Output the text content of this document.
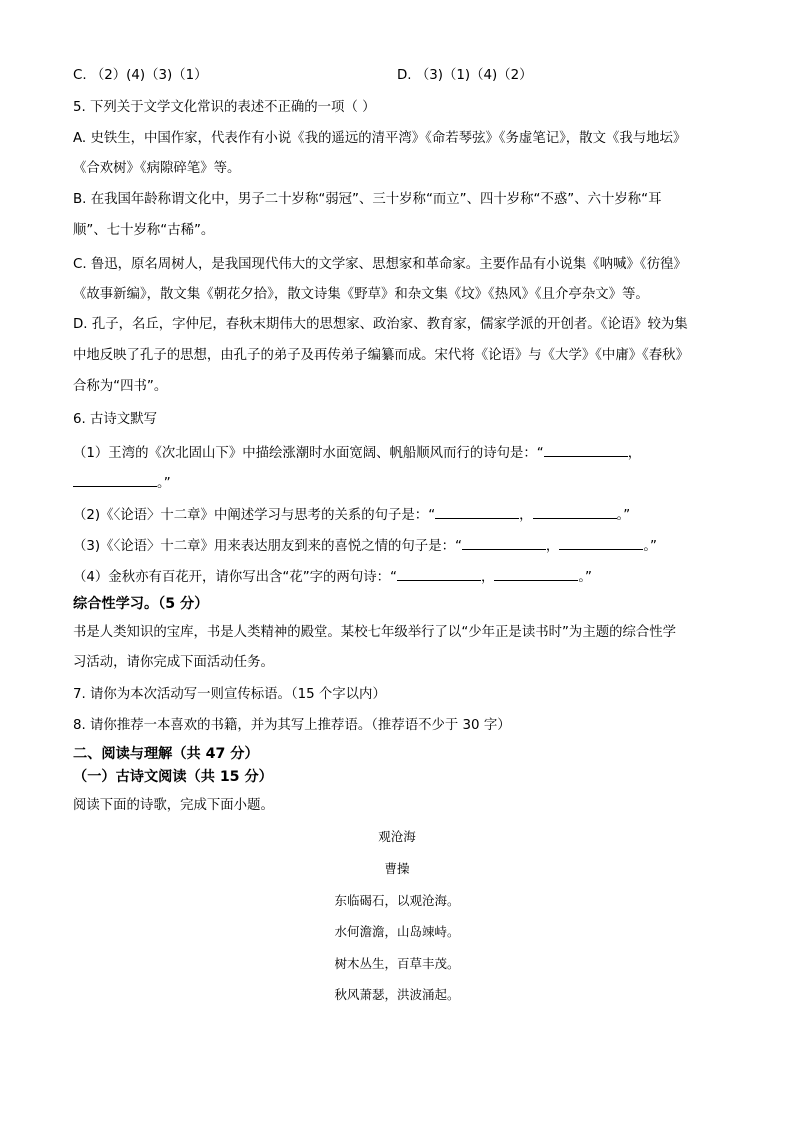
C. （2）(4)（3)（1）	D. （3)（1)（4)（2）
5. 下列关于文学文化常识的表述不正确的一项（ ）
A. 史铁生，中国作家，代表作有小说《我的遥远的清平湾》《命若琴弦》《务虚笔记》，散文《我与地坛》
《合欢树》《病隙碎笔》等。
B. 在我国年龄称谓文化中，男子二十岁称“弱冠”、三十岁称“而立”、四十岁称“不惑”、六十岁称“耳
顺”、七十岁称“古稀”。
C. 鲁迅，原名周树人，是我国现代伟大的文学家、思想家和革命家。主要作品有小说集《呐喊》《彷徨》
《故事新编》，散文集《朝花夕拾》，散文诗集《野草》和杂文集《坟》《热风》《且介亭杂文》等。
D. 孔子，名丘，字仲尼，春秋末期伟大的思想家、政治家、教育家，儒家学派的开创者。《论语》较为集
中地反映了孔子的思想，由孔子的弟子及再传弟子编纂而成。宋代将《论语》与《大学》《中庸》《春秋》
合称为“四书”。
6. 古诗文默写
（1）王湾的《次北固山下》中描绘涨潮时水面宽阔、帆船顺风而行的诗句是：“	，
。”
（2)《〈论语〉十二章》中阐述学习与思考的关系的句子是：“	，	。”
（3)《〈论语〉十二章》用来表达朋友到来的喜悦之情的句子是：“	，	。”
（4）金秋亦有百花开，请你写出含“花”字的两句诗：“	，	。”
综合性学习。（5 分）
书是人类知识的宝库，书是人类精神的殿堂。某校七年级举行了以“少年正是读书时”为主题的综合性学
习活动，请你完成下面活动任务。
7. 请你为本次活动写一则宣传标语。（15 个字以内）
8. 请你推荐一本喜欢的书籍，并为其写上推荐语。（推荐语不少于 30 字）
二、阅读与理解（共 47 分）
（一）古诗文阅读（共 15 分）
阅读下面的诗歌，完成下面小题。
观沧海
曹操
东临碣石，以观沧海。
水何澹澹，山岛竦峙。
树木丛生，百草丰茂。
秋风萧瑟，洪波涌起。
